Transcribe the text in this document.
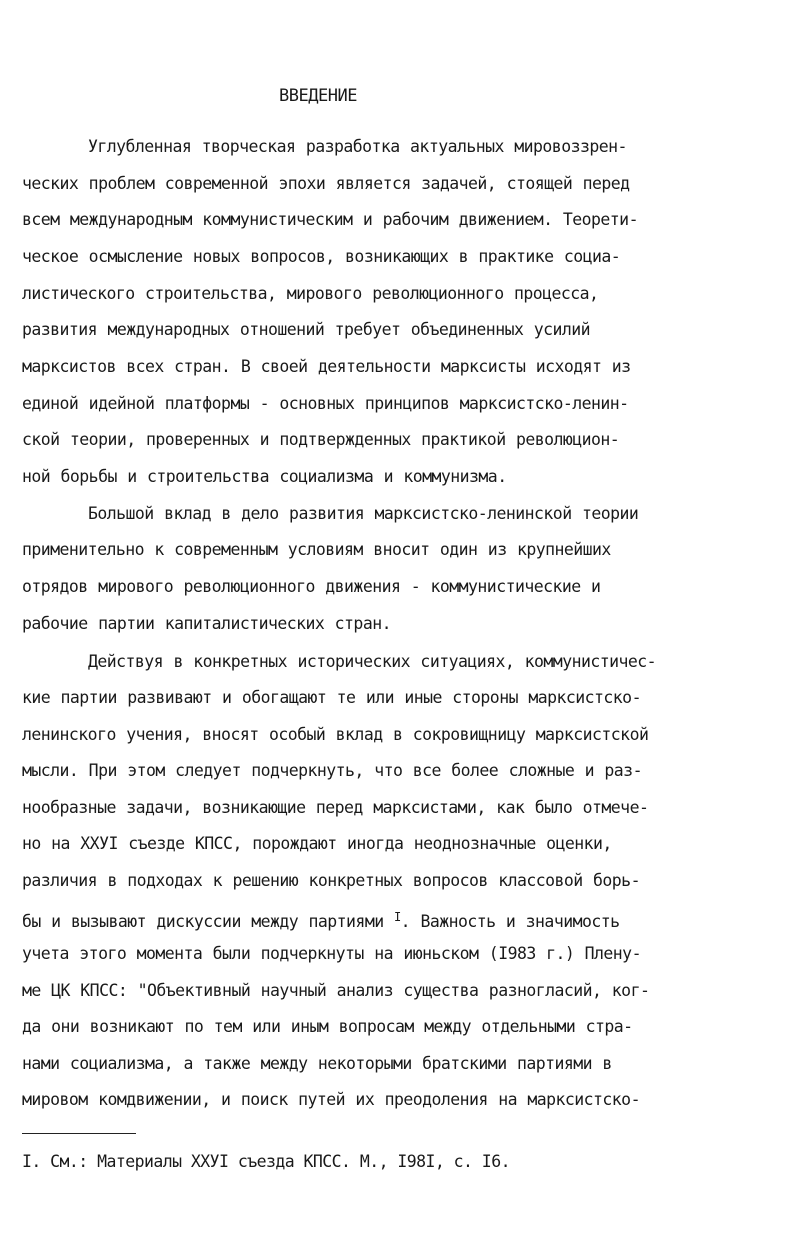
ВВЕДЕНИЕ
Углубленная творческая разработка актуальных мировоззрен-
ческих проблем современной эпохи является задачей, стоящей перед
всем международным коммунистическим и рабочим движением. Теорети-
ческое осмысление новых вопросов, возникающих в практике социа-
листического строительства, мирового революционного процесса,
развития международных отношений требует объединенных усилий
марксистов всех стран. В своей деятельности марксисты исходят из
единой идейной платформы - основных принципов марксистско-ленин-
ской теории, проверенных и подтвержденных практикой революцион-
ной борьбы и строительства социализма и коммунизма.
Большой вклад в дело развития марксистско-ленинской теории
применительно к современным условиям вносит один из крупнейших
отрядов мирового революционного движения - коммунистические и
рабочие партии капиталистических стран.
Действуя в конкретных исторических ситуациях, коммунистичес-
кие партии развивают и обогащают те или иные стороны марксистско-
ленинского учения, вносят особый вклад в сокровищницу марксистской
мысли. При этом следует подчеркнуть, что все более сложные и раз-
нообразные задачи, возникающие перед марксистами, как было отмече-
но на ХХУI съезде КПСС, порождают иногда неоднозначные оценки,
различия в подходах к решению конкретных вопросов классовой борь-
бы и вызывают дискуссии между партиями $^I$. Важность и значимость
учета этого момента были подчеркнуты на июньском (I983 г.) Плену-
ме ЦК КПСС: "Объективный научный анализ существа разногласий, ког-
да они возникают по тем или иным вопросам между отдельными стра-
нами социализма, а также между некоторыми братскими партиями в
мировом комдвижении, и поиск путей их преодоления на марксистско-
I. См.: Материалы ХХУI съезда КПСС. М., I98I, с. I6.
